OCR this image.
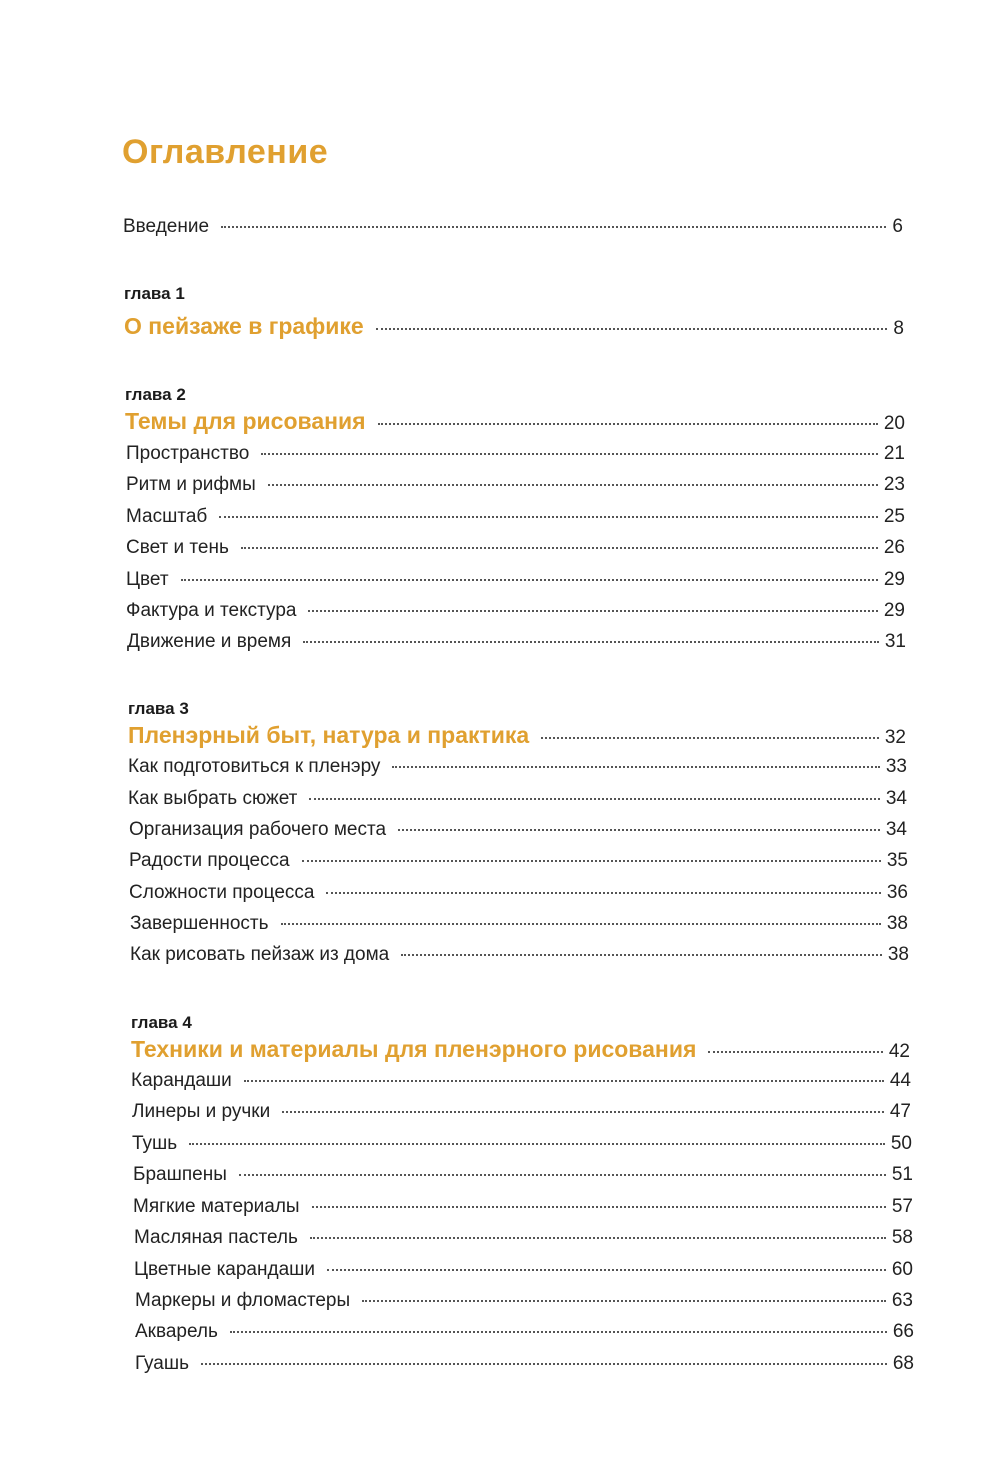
Оглавление
Введение	6
глава 1
О пейзаже в графике	8
глава 2
Темы для рисования	20
Пространство	21
Ритм и рифмы	23
Масштаб	25
Свет и тень	26
Цвет	29
Фактура и текстура	29
Движение и время	31
глава 3
Пленэрный быт, натура и практика	32
Как подготовиться к пленэру	33
Как выбрать сюжет	34
Организация рабочего места	34
Радости процесса	35
Сложности процесса	36
Завершенность	38
Как рисовать пейзаж из дома	38
глава 4
Техники и материалы для пленэрного рисования	42
Карандаши	44
Линеры и ручки	47
Тушь	50
Брашпены	51
Мягкие материалы	57
Масляная пастель	58
Цветные карандаши	60
Маркеры и фломастеры	63
Акварель	66
Гуашь	68
